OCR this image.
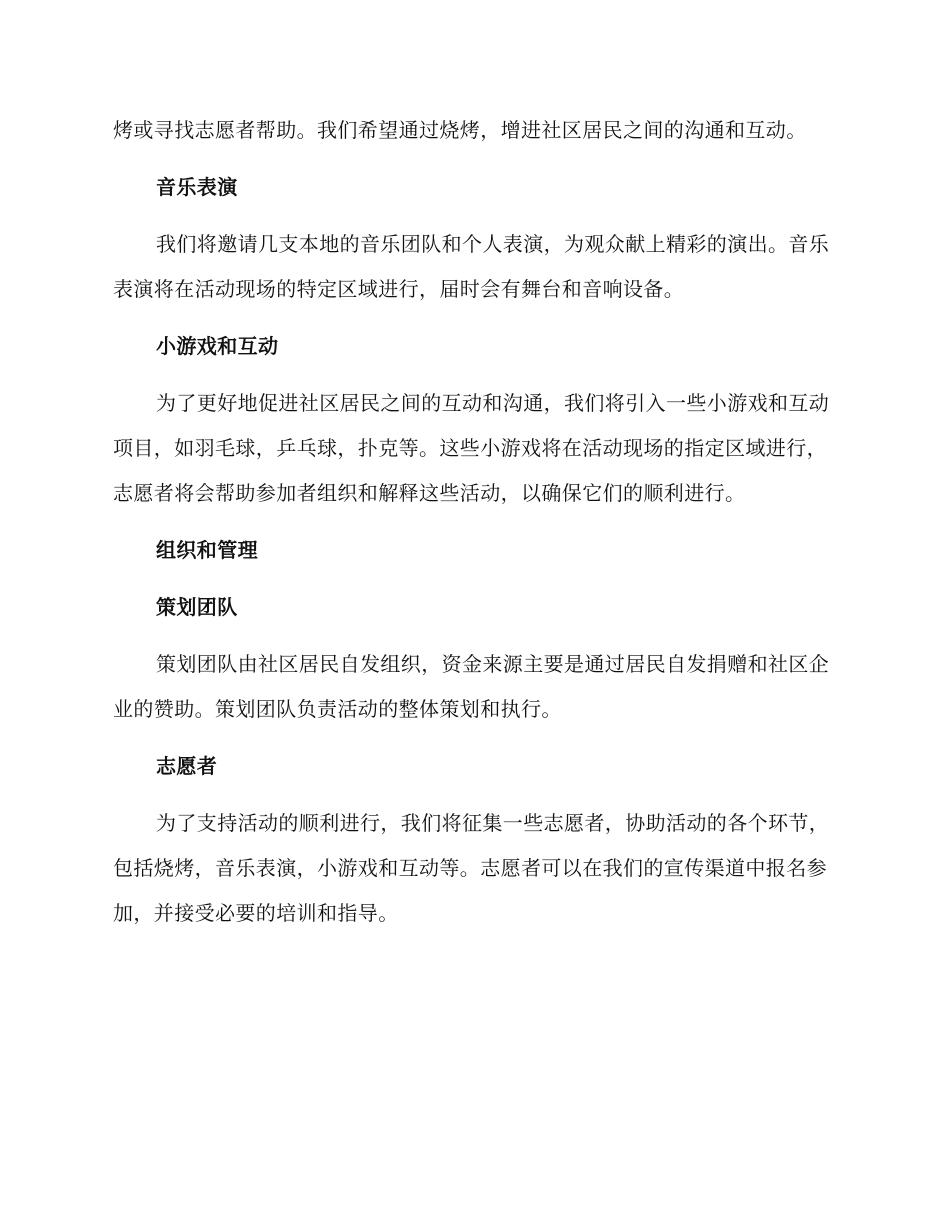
烤或寻找志愿者帮助。我们希望通过烧烤，增进社区居民之间的沟通和互动。

音乐表演

我们将邀请几支本地的音乐团队和个人表演，为观众献上精彩的演出。音乐表演将在活动现场的特定区域进行，届时会有舞台和音响设备。

小游戏和互动

为了更好地促进社区居民之间的互动和沟通，我们将引入一些小游戏和互动项目，如羽毛球，乒乓球，扑克等。这些小游戏将在活动现场的指定区域进行，志愿者将会帮助参加者组织和解释这些活动，以确保它们的顺利进行。

组织和管理
策划团队

策划团队由社区居民自发组织，资金来源主要是通过居民自发捐赠和社区企业的赞助。策划团队负责活动的整体策划和执行。

志愿者

为了支持活动的顺利进行，我们将征集一些志愿者，协助活动的各个环节，包括烧烤，音乐表演，小游戏和互动等。志愿者可以在我们的宣传渠道中报名参加，并接受必要的培训和指导。
